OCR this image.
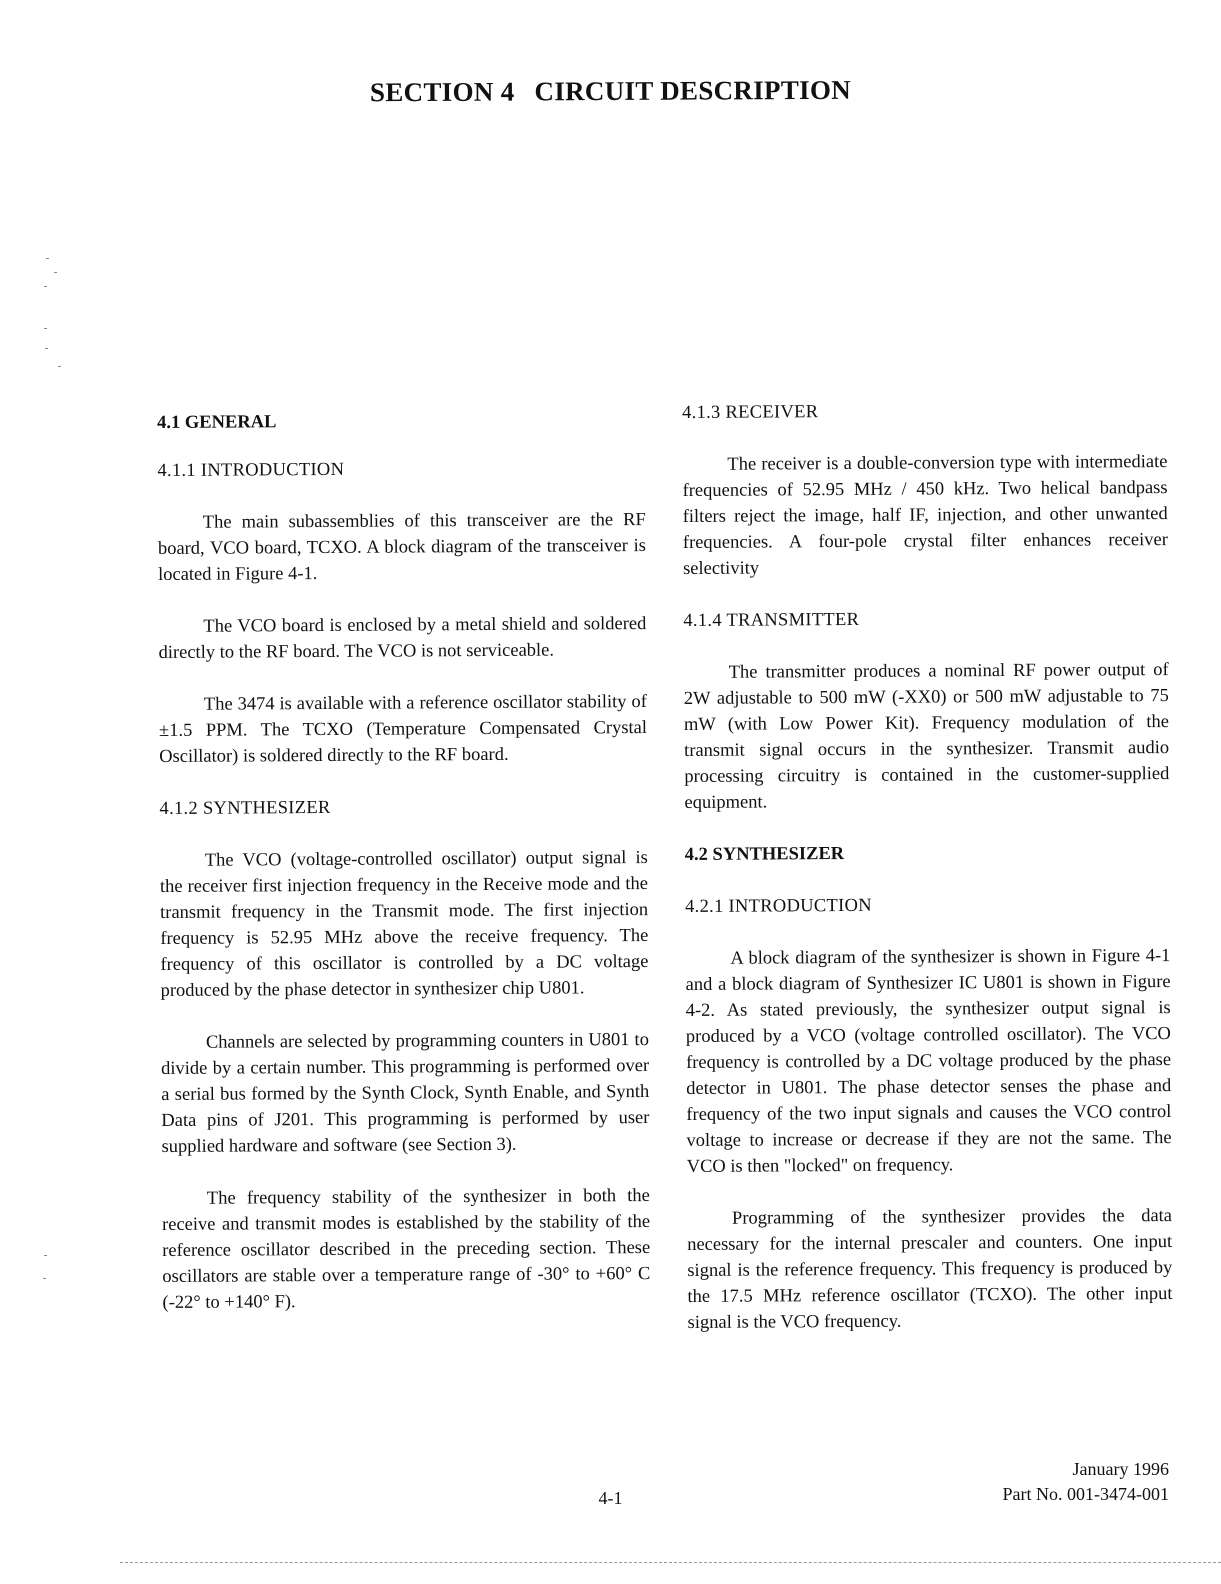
SECTION 4 CIRCUIT DESCRIPTION

4.1 GENERAL

4.1.1 INTRODUCTION

The main subassemblies of this transceiver are the RF board, VCO board, TCXO. A block diagram of the transceiver is located in Figure 4-1.

The VCO board is enclosed by a metal shield and soldered directly to the RF board. The VCO is not serviceable.

The 3474 is available with a reference oscillator stability of ±1.5 PPM. The TCXO (Temperature Compensated Crystal Oscillator) is soldered directly to the RF board.

4.1.2 SYNTHESIZER

The VCO (voltage-controlled oscillator) output signal is the receiver first injection frequency in the Receive mode and the transmit frequency in the Transmit mode. The first injection frequency is 52.95 MHz above the receive frequency. The frequency of this oscillator is controlled by a DC voltage produced by the phase detector in synthesizer chip U801.

Channels are selected by programming counters in U801 to divide by a certain number. This programming is performed over a serial bus formed by the Synth Clock, Synth Enable, and Synth Data pins of J201. This programming is performed by user supplied hardware and software (see Section 3).

The frequency stability of the synthesizer in both the receive and transmit modes is established by the stability of the reference oscillator described in the preceding section. These oscillators are stable over a temperature range of -30° to +60° C (-22° to +140° F).

4.1.3 RECEIVER

The receiver is a double-conversion type with intermediate frequencies of 52.95 MHz / 450 kHz. Two helical bandpass filters reject the image, half IF, injection, and other unwanted frequencies. A four-pole crystal filter enhances receiver selectivity

4.1.4 TRANSMITTER

The transmitter produces a nominal RF power output of 2W adjustable to 500 mW (-XX0) or 500 mW adjustable to 75 mW (with Low Power Kit). Frequency modulation of the transmit signal occurs in the synthesizer. Transmit audio processing circuitry is contained in the customer-supplied equipment.

4.2 SYNTHESIZER

4.2.1 INTRODUCTION

A block diagram of the synthesizer is shown in Figure 4-1 and a block diagram of Synthesizer IC U801 is shown in Figure 4-2. As stated previously, the synthesizer output signal is produced by a VCO (voltage controlled oscillator). The VCO frequency is controlled by a DC voltage produced by the phase detector in U801. The phase detector senses the phase and frequency of the two input signals and causes the VCO control voltage to increase or decrease if they are not the same. The VCO is then "locked" on frequency.

Programming of the synthesizer provides the data necessary for the internal prescaler and counters. One input signal is the reference frequency. This frequency is produced by the 17.5 MHz reference oscillator (TCXO). The other input signal is the VCO frequency.

January 1996
Part No. 001-3474-001
4-1
